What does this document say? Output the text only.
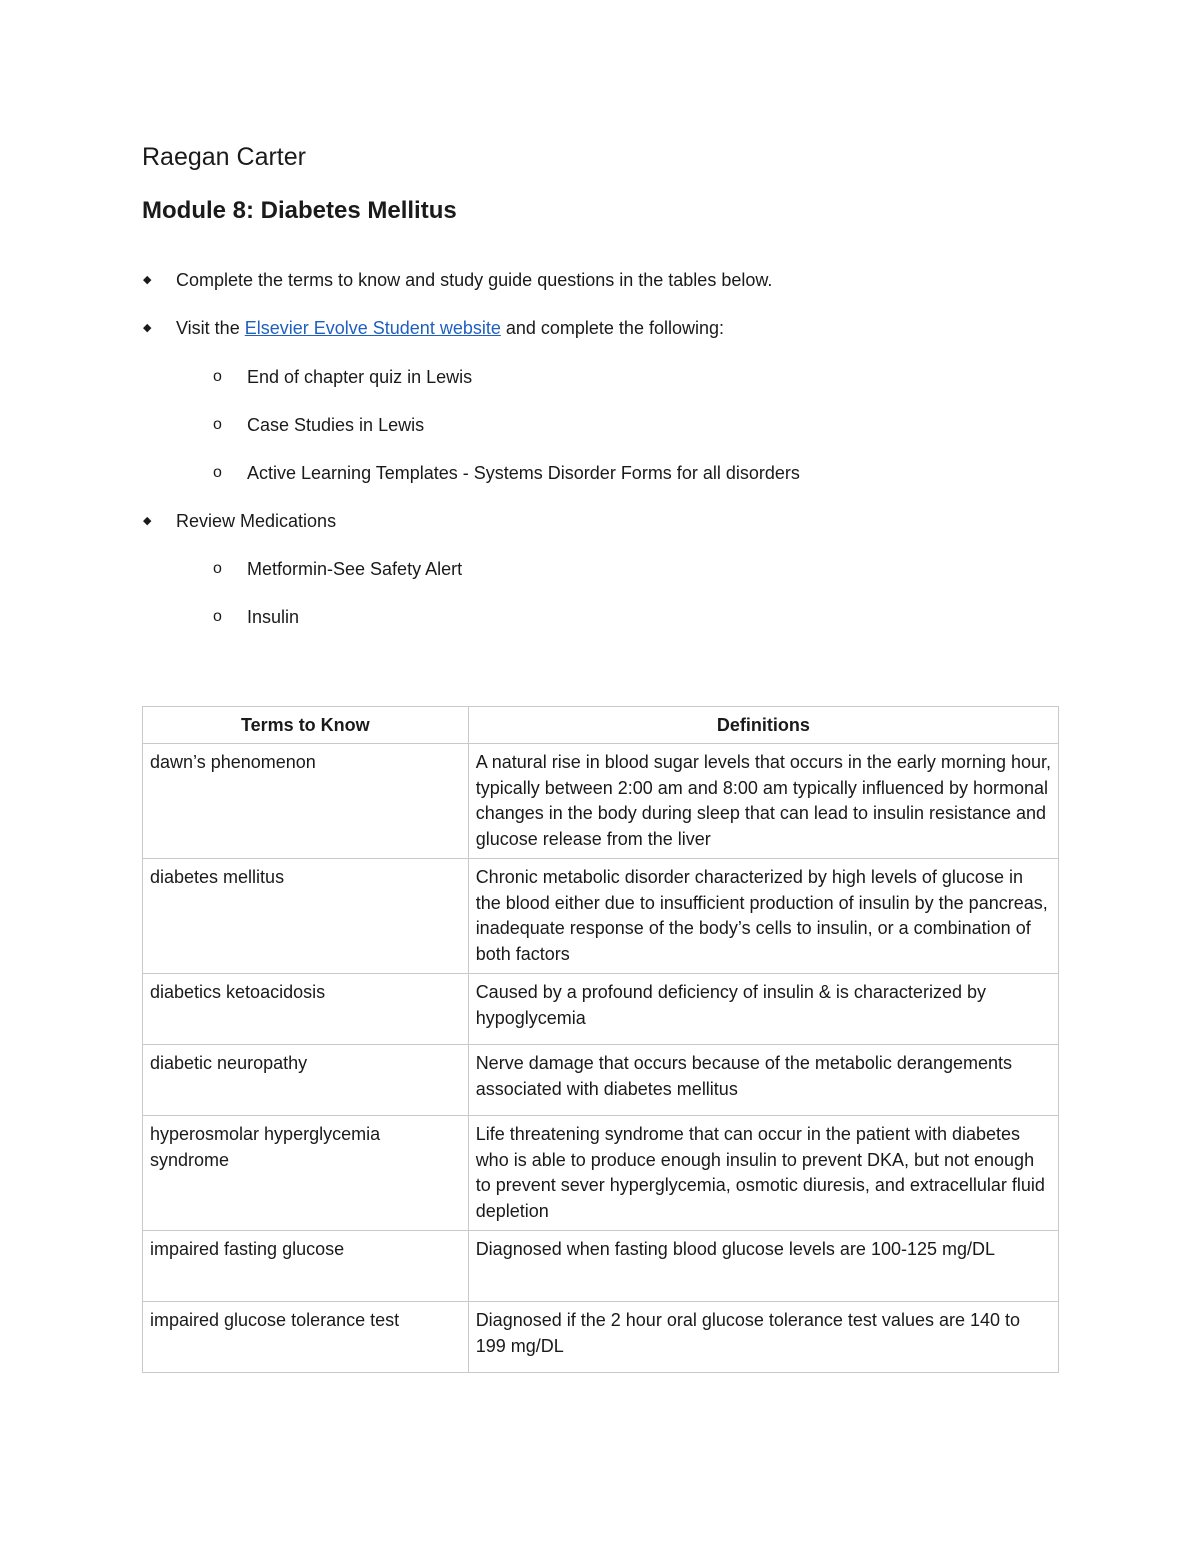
Raegan Carter
Module 8: Diabetes Mellitus
◆ Complete the terms to know and study guide questions in the tables below.
◆ Visit the Elsevier Evolve Student website and complete the following:
o End of chapter quiz in Lewis
o Case Studies in Lewis
o Active Learning Templates - Systems Disorder Forms for all disorders
◆ Review Medications
o Metformin-See Safety Alert
o Insulin
Terms to Know	Definitions
dawn’s phenomenon	A natural rise in blood sugar levels that occurs in the early morning hour, typically between 2:00 am and 8:00 am typically influenced by hormonal changes in the body during sleep that can lead to insulin resistance and glucose release from the liver
diabetes mellitus	Chronic metabolic disorder characterized by high levels of glucose in the blood either due to insufficient production of insulin by the pancreas, inadequate response of the body’s cells to insulin, or a combination of both factors
diabetics ketoacidosis	Caused by a profound deficiency of insulin & is characterized by hypoglycemia
diabetic neuropathy	Nerve damage that occurs because of the metabolic derangements associated with diabetes mellitus
hyperosmolar hyperglycemia syndrome	Life threatening syndrome that can occur in the patient with diabetes who is able to produce enough insulin to prevent DKA, but not enough to prevent sever hyperglycemia, osmotic diuresis, and extracellular fluid depletion
impaired fasting glucose	Diagnosed when fasting blood glucose levels are 100-125 mg/DL
impaired glucose tolerance test	Diagnosed if the 2 hour oral glucose tolerance test values are 140 to 199 mg/DL
